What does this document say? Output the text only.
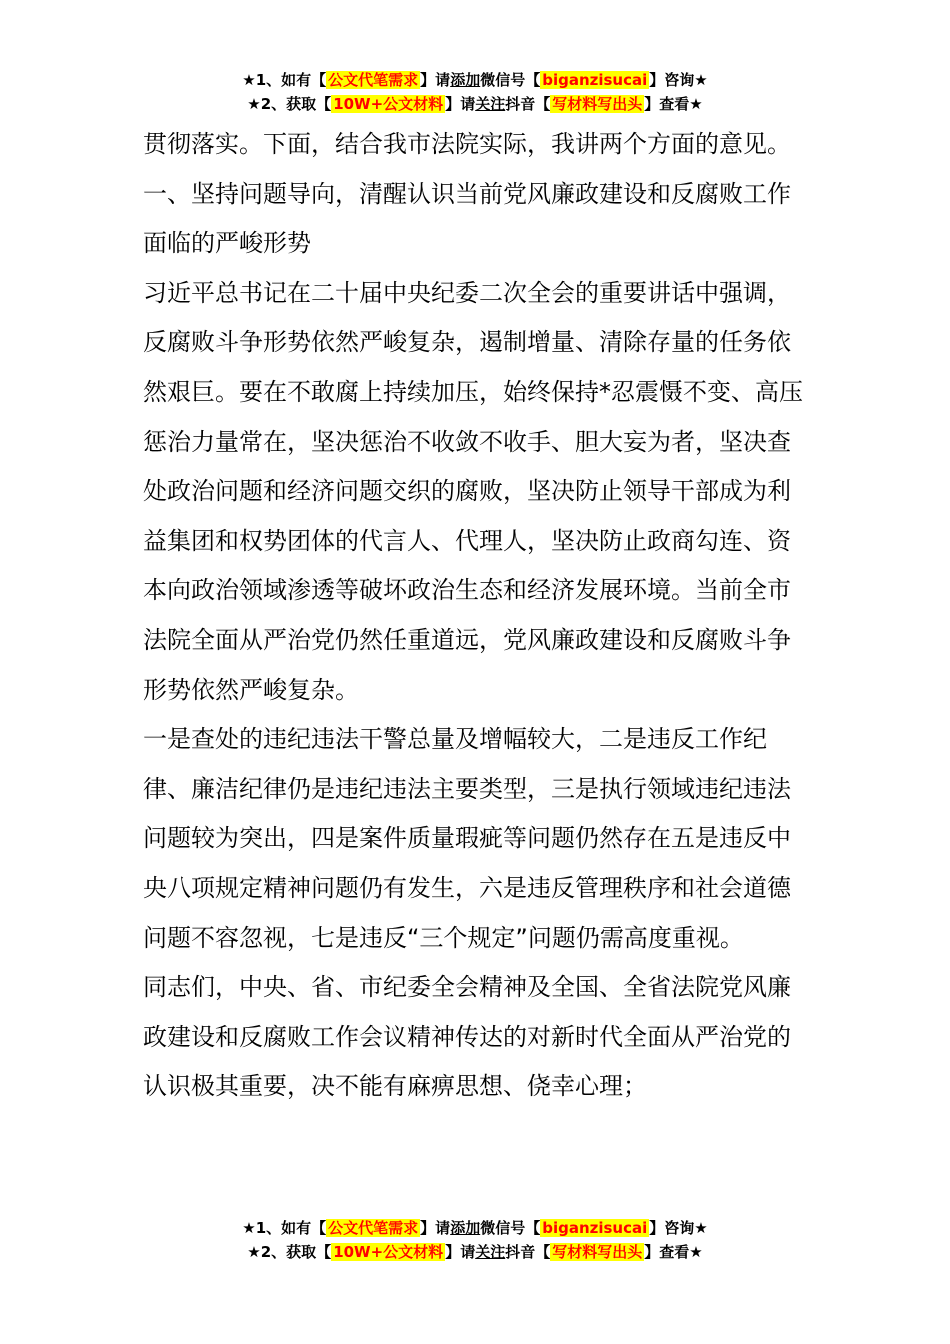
★1、如有【 公文代笔需求 】请添加微信号【 biganzisucai 】咨询★
★2、获取【 10W+公文材料 】请关注抖音【 写材料写出头 】查看★

贯彻落实。下面，结合我市法院实际，我讲两个方面的意见。

一、坚持问题导向，清醒认识当前党风廉政建设和反腐败工作面临的严峻形势

习近平总书记在二十届中央纪委二次全会的重要讲话中强调，反腐败斗争形势依然严峻复杂，遏制增量、清除存量的任务依然艰巨。要在不敢腐上持续加压，始终保持*忍震慑不变、高压惩治力量常在，坚决惩治不收敛不收手、胆大妄为者，坚决查处政治问题和经济问题交织的腐败，坚决防止领导干部成为利益集团和权势团体的代言人、代理人，坚决防止政商勾连、资本向政治领域渗透等破坏政治生态和经济发展环境。当前全市法院全面从严治党仍然任重道远，党风廉政建设和反腐败斗争形势依然严峻复杂。

一是查处的违纪违法干警总量及增幅较大，二是违反工作纪律、廉洁纪律仍是违纪违法主要类型，三是执行领域违纪违法问题较为突出，四是案件质量瑕疵等问题仍然存在五是违反中央八项规定精神问题仍有发生，六是违反管理秩序和社会道德问题不容忽视，七是违反“三个规定”问题仍需高度重视。

同志们，中央、省、市纪委全会精神及全国、全省法院党风廉政建设和反腐败工作会议精神传达的对新时代全面从严治党的认识极其重要，决不能有麻痹思想、侥幸心理；

★1、如有【 公文代笔需求 】请添加微信号【 biganzisucai 】咨询★
★2、获取【 10W+公文材料 】请关注抖音【 写材料写出头 】查看★
